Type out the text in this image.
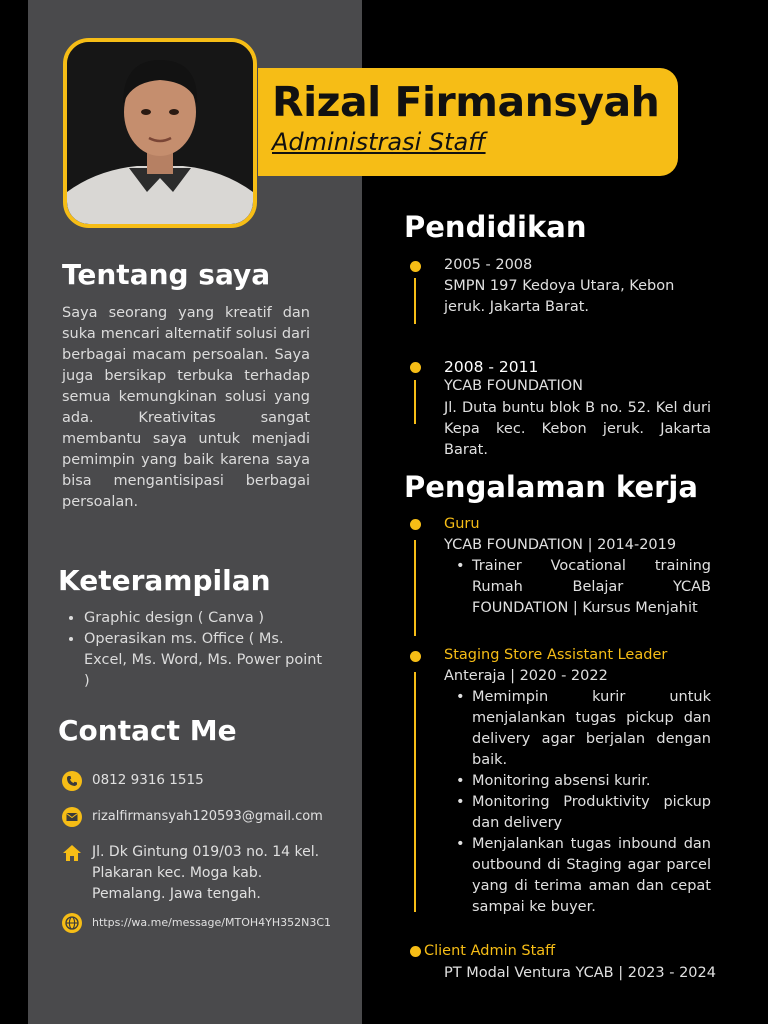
Rizal Firmansyah
Administrasi Staff
Tentang saya
Saya seorang yang kreatif dan suka mencari alternatif solusi dari berbagai macam persoalan. Saya juga bersikap terbuka terhadap semua kemungkinan solusi yang ada. Kreativitas sangat membantu saya untuk menjadi pemimpin yang baik karena saya bisa mengantisipasi berbagai persoalan.
Keterampilan
• Graphic design ( Canva )
• Operasikan ms. Office ( Ms. Excel, Ms. Word, Ms. Power point )
Contact Me
0812 9316 1515
rizalfirmansyah120593@gmail.com
Jl. Dk Gintung 019/03 no. 14 kel. Plakaran kec. Moga kab. Pemalang. Jawa tengah.
https://wa.me/message/MTOH4YH352N3C1
Pendidikan
2005 - 2008
SMPN 197 Kedoya Utara, Kebon jeruk. Jakarta Barat.
2008 - 2011
YCAB FOUNDATION
Jl. Duta buntu blok B no. 52. Kel duri Kepa kec. Kebon jeruk. Jakarta Barat.
Pengalaman kerja
Guru
YCAB FOUNDATION | 2014-2019
• Trainer Vocational training Rumah Belajar YCAB FOUNDATION | Kursus Menjahit
Staging Store Assistant Leader
Anteraja | 2020 - 2022
• Memimpin kurir untuk menjalankan tugas pickup dan delivery agar berjalan dengan baik.
• Monitoring absensi kurir.
• Monitoring Produktivity pickup dan delivery
• Menjalankan tugas inbound dan outbound di Staging agar parcel yang di terima aman dan cepat sampai ke buyer.
Client Admin Staff
PT Modal Ventura YCAB | 2023 - 2024
